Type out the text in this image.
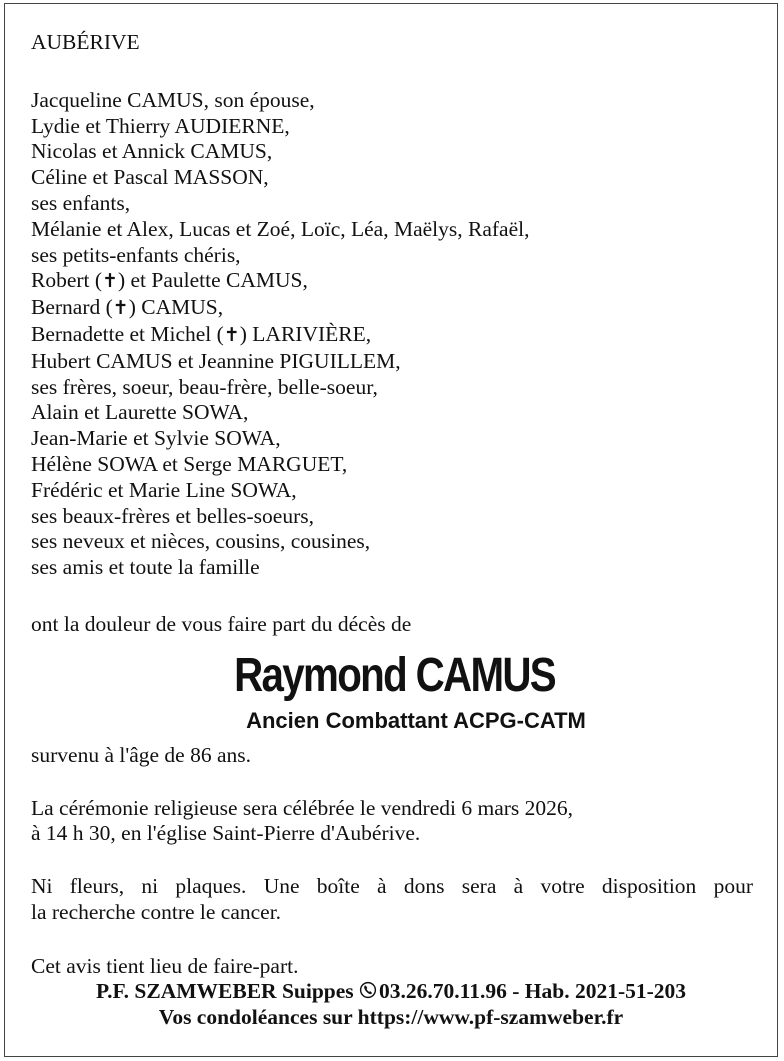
AUBÉRIVE

Jacqueline CAMUS, son épouse,

Lydie et Thierry AUDIERNE,

Nicolas et Annick CAMUS,

Céline et Pascal MASSON,

ses enfants,

Mélanie et Alex, Lucas et Zoé, Loïc, Léa, Maëlys, Rafaël,

ses petits-enfants chéris,

Robert (✝) et Paulette CAMUS,

Bernard (✝) CAMUS,

Bernadette et Michel (✝) LARIVIÈRE,

Hubert CAMUS et Jeannine PIGUILLEM,

ses frères, soeur, beau-frère, belle-soeur,

Alain et Laurette SOWA,

Jean-Marie et Sylvie SOWA,

Hélène SOWA et Serge MARGUET,

Frédéric et Marie Line SOWA,

ses beaux-frères et belles-soeurs,

ses neveux et nièces, cousins, cousines,

ses amis et toute la famille

ont la douleur de vous faire part du décès de

Raymond CAMUS
Ancien Combattant ACPG-CATM

survenu à l'âge de 86 ans.

La cérémonie religieuse sera célébrée le vendredi 6 mars 2026,
à 14 h 30, en l'église Saint-Pierre d'Aubérive.

Ni fleurs, ni plaques. Une boîte à dons sera à votre disposition pour
la recherche contre le cancer.

Cet avis tient lieu de faire-part.

P.F. SZAMWEBER Suippes 03.26.70.11.96 - Hab. 2021-51-203
Vos condoléances sur https://www.pf-szamweber.fr
